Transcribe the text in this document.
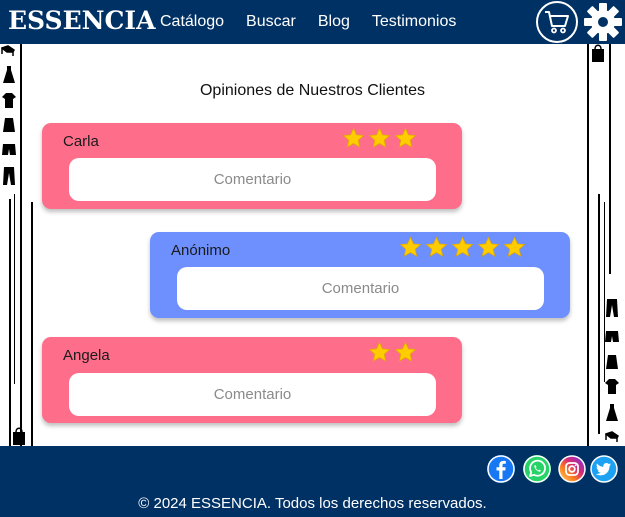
ESSENCIA Catálogo Buscar Blog Testimonios
Opiniones de Nuestros Clientes
Carla
Comentario
Anónimo
Comentario
Angela
Comentario
© 2024 ESSENCIA. Todos los derechos reservados.
